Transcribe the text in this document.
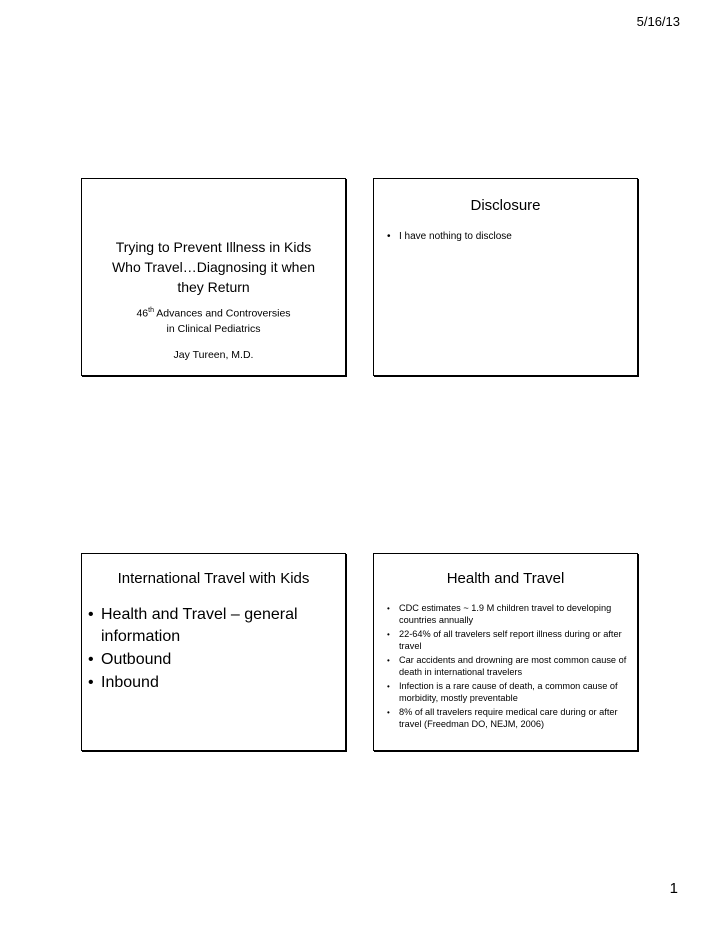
5/16/13
Trying to Prevent Illness in Kids
Who Travel…Diagnosing it when
they Return
46th Advances and Controversies
in Clinical Pediatrics
Jay Tureen, M.D.
Disclosure
• I have nothing to disclose
International Travel with Kids
• Health and Travel – general information
• Outbound
• Inbound
Health and Travel
• CDC estimates ~ 1.9 M children travel to developing countries annually
• 22-64% of all travelers self report illness during or after travel
• Car accidents and drowning are most common cause of death in international travelers
• Infection is a rare cause of death, a common cause of morbidity, mostly preventable
• 8% of all travelers require medical care during or after travel (Freedman DO, NEJM, 2006)
1
